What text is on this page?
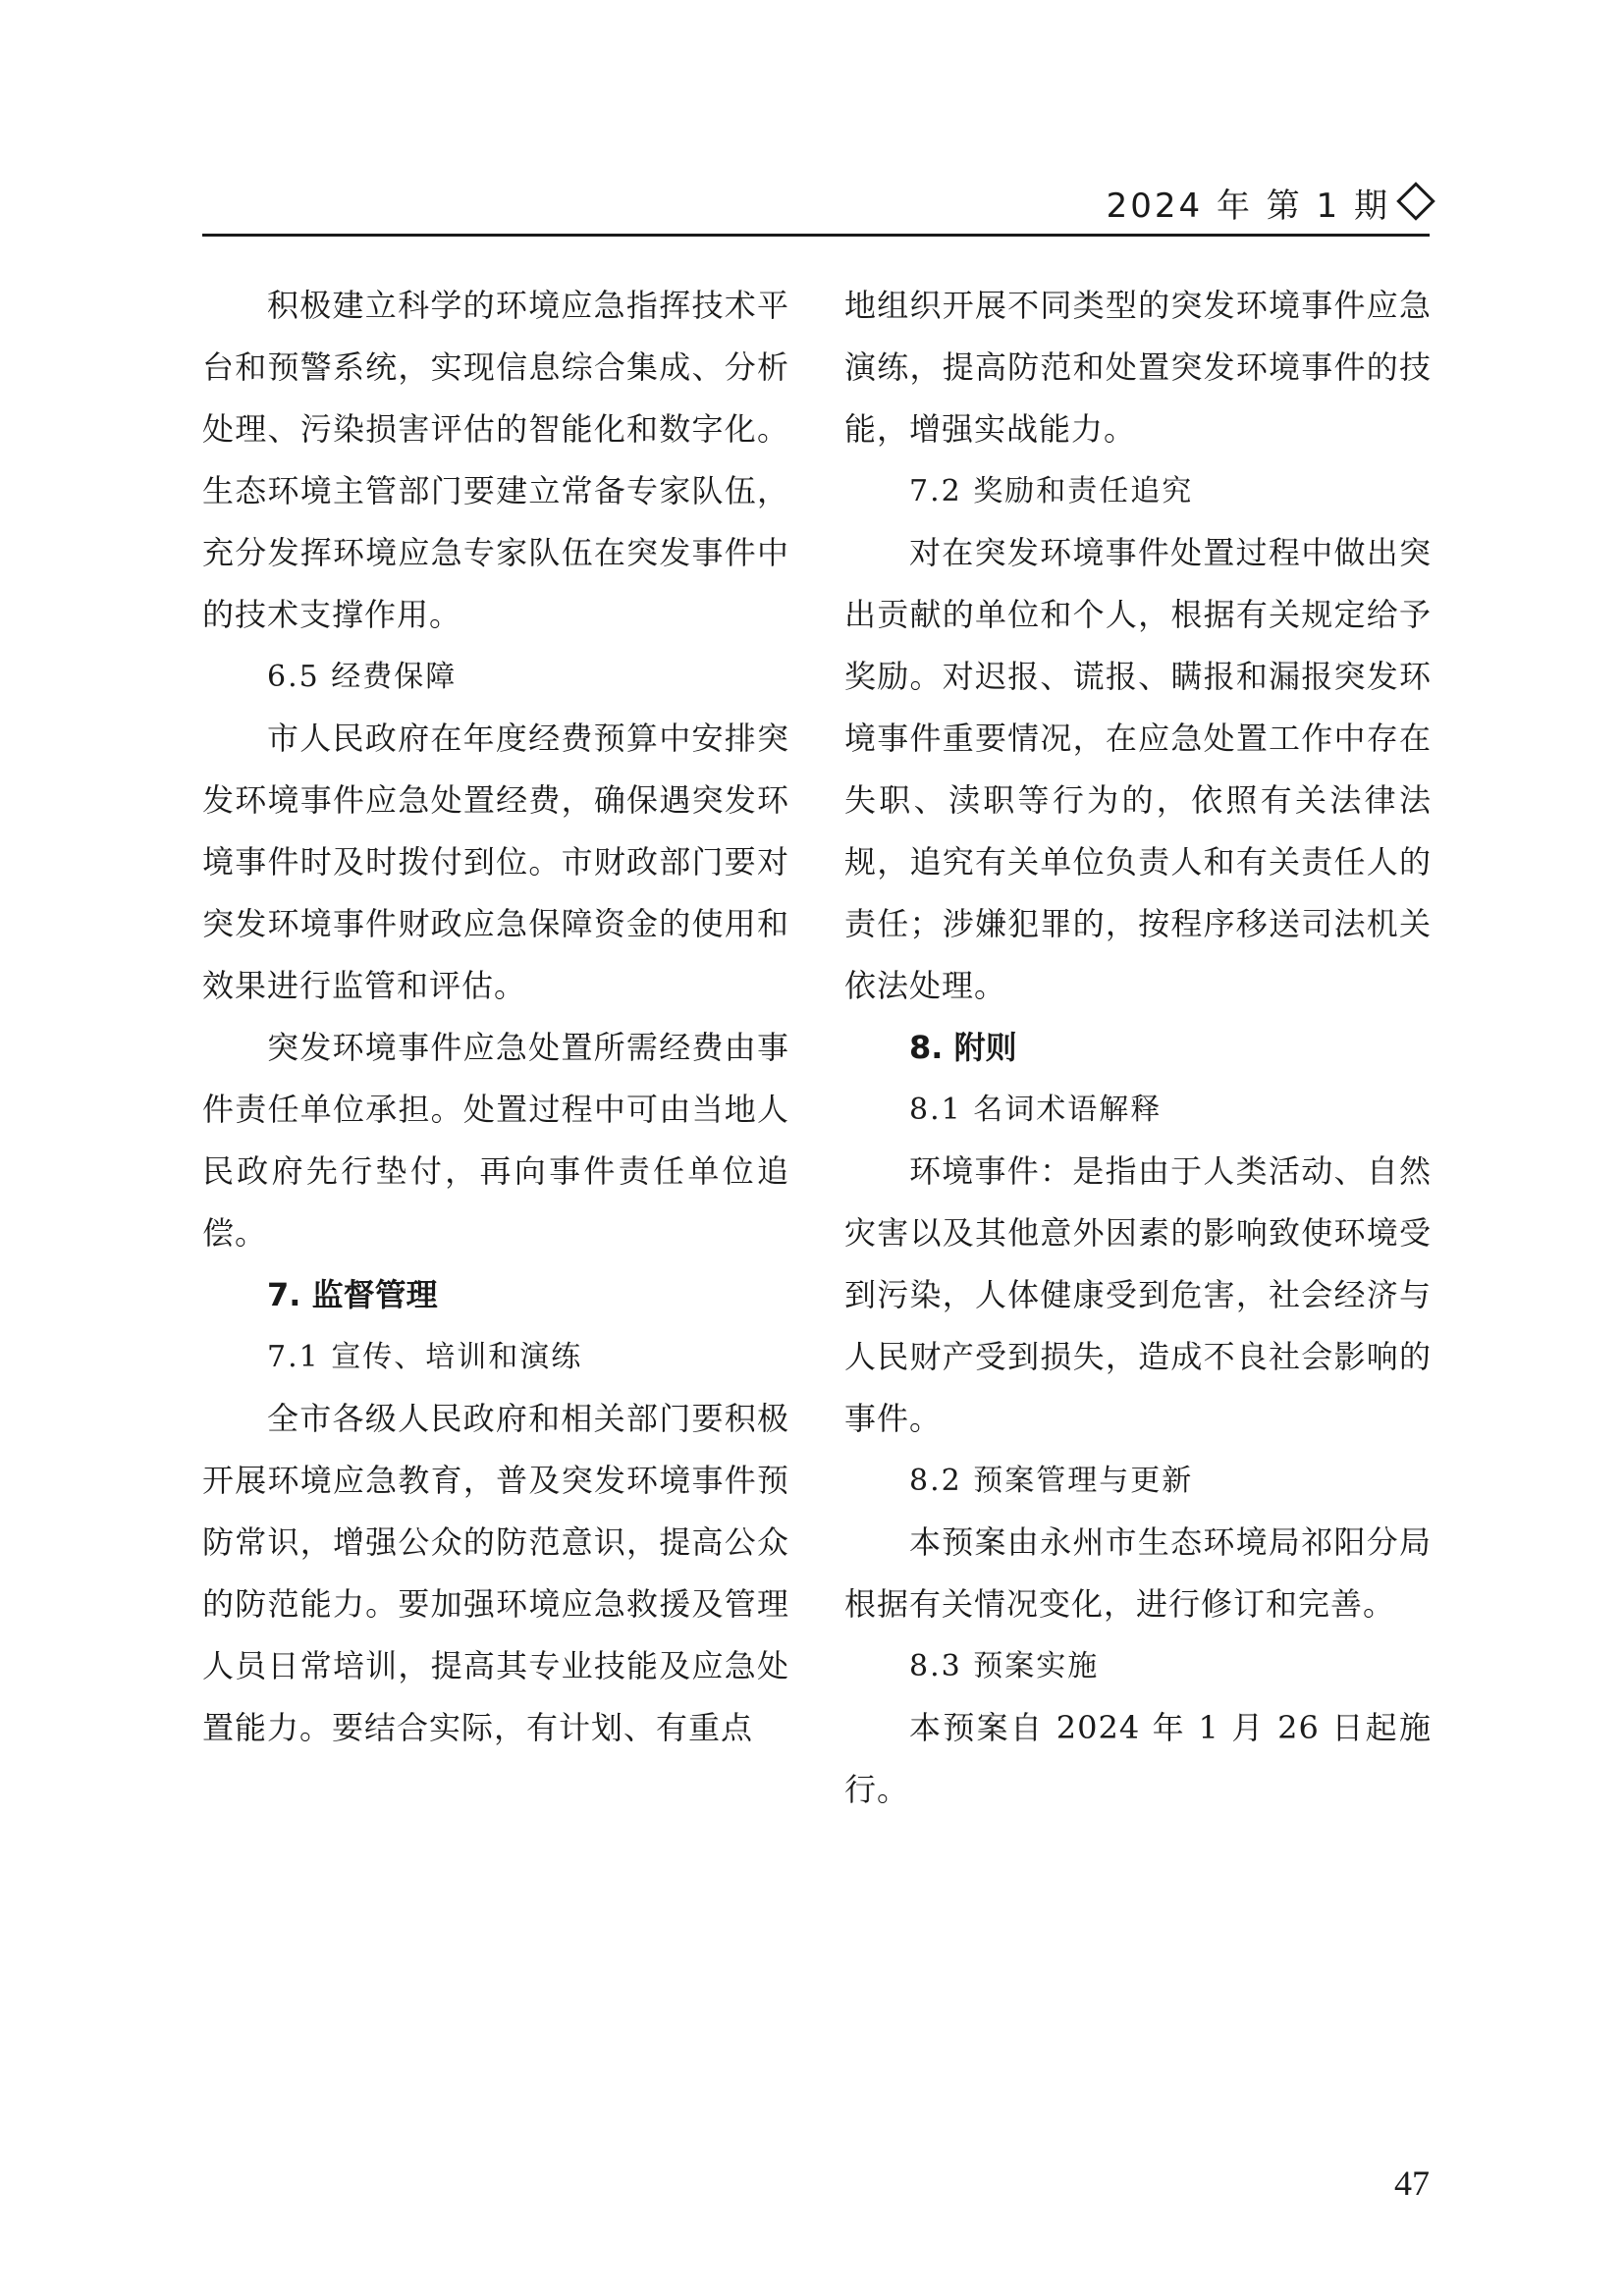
2024 年 第 1 期

积极建立科学的环境应急指挥技术平台和预警系统，实现信息综合集成、分析处理、污染损害评估的智能化和数字化。生态环境主管部门要建立常备专家队伍，充分发挥环境应急专家队伍在突发事件中的技术支撑作用。

6.5 经费保障

市人民政府在年度经费预算中安排突发环境事件应急处置经费，确保遇突发环境事件时及时拨付到位。市财政部门要对突发环境事件财政应急保障资金的使用和效果进行监管和评估。

突发环境事件应急处置所需经费由事件责任单位承担。处置过程中可由当地人民政府先行垫付，再向事件责任单位追偿。

7. 监督管理

7.1 宣传、培训和演练

全市各级人民政府和相关部门要积极开展环境应急教育，普及突发环境事件预防常识，增强公众的防范意识，提高公众的防范能力。要加强环境应急救援及管理人员日常培训，提高其专业技能及应急处置能力。要结合实际，有计划、有重点

地组织开展不同类型的突发环境事件应急演练，提高防范和处置突发环境事件的技能，增强实战能力。

7.2 奖励和责任追究

对在突发环境事件处置过程中做出突出贡献的单位和个人，根据有关规定给予奖励。对迟报、谎报、瞒报和漏报突发环境事件重要情况，在应急处置工作中存在失职、渎职等行为的，依照有关法律法规，追究有关单位负责人和有关责任人的责任；涉嫌犯罪的，按程序移送司法机关依法处理。

8. 附则

8.1 名词术语解释

环境事件：是指由于人类活动、自然灾害以及其他意外因素的影响致使环境受到污染，人体健康受到危害，社会经济与人民财产受到损失，造成不良社会影响的事件。

8.2 预案管理与更新

本预案由永州市生态环境局祁阳分局根据有关情况变化，进行修订和完善。

8.3 预案实施

本预案自 2024 年 1 月 26 日起施行。

47
